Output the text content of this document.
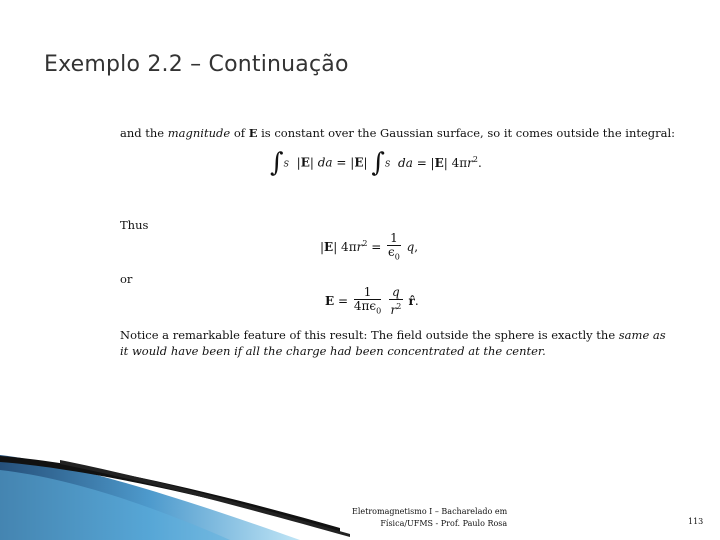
Exemplo 2.2 – Continuação
and the magnitude of E is constant over the Gaussian surface, so it comes outside the integral:
∫S  |E| da = |E| ∫S da = |E| $4\pi r^2$.
Thus
|E| $4\pi r^2 = \frac{1}{\epsilon_0} q$,
or
$E = \frac{1}{4\pi\epsilon_0}$
$\frac{q}{r^2}$ r̂.
Notice a remarkable feature of this result: The field outside the sphere is exactly the same as
it would have been if all the charge had been concentrated at the center.
Eletromagnetismo I – Bacharelado em
Física/UFMS - Prof. Paulo Rosa	113
